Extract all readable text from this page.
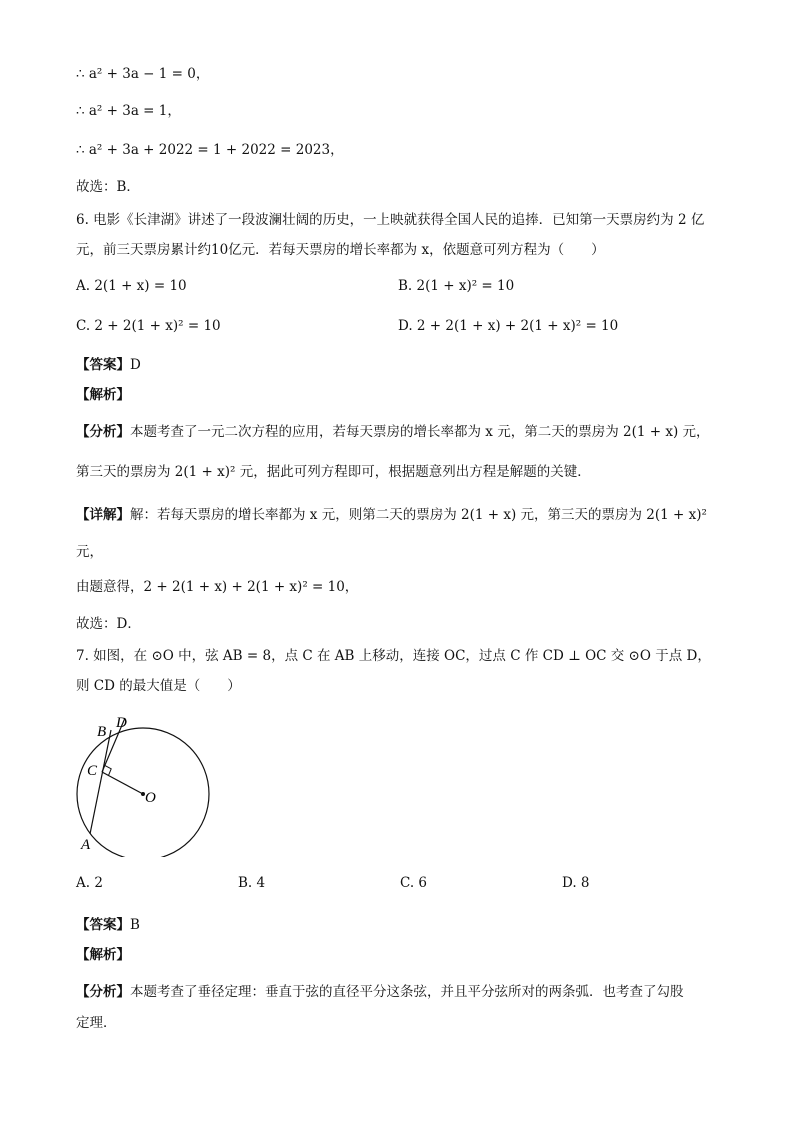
∴ a² + 3a − 1 = 0，
∴ a² + 3a = 1，
∴ a² + 3a + 2022 = 1 + 2022 = 2023，
故选：B．
6. 电影《长津湖》讲述了一段波澜壮阔的历史，一上映就获得全国人民的追捧．已知第一天票房约为 2 亿
元，前三天票房累计约10亿元．若每天票房的增长率都为 x，依题意可列方程为（　　）
A. 2(1 + x) = 10	B. 2(1 + x)² = 10
C. 2 + 2(1 + x)² = 10	D. 2 + 2(1 + x) + 2(1 + x)² = 10
【答案】D
【解析】
【分析】本题考查了一元二次方程的应用，若每天票房的增长率都为 x 元，第二天的票房为 2(1 + x) 元，
第三天的票房为 2(1 + x)² 元，据此可列方程即可，根据题意列出方程是解题的关键．
【详解】解：若每天票房的增长率都为 x 元，则第二天的票房为 2(1 + x) 元，第三天的票房为 2(1 + x)²
元，
由题意得，2 + 2(1 + x) + 2(1 + x)² = 10，
故选：D．
7. 如图，在 ⊙O 中，弦 AB = 8，点 C 在 AB 上移动，连接 OC，过点 C 作 CD ⊥ OC 交 ⊙O 于点 D，
则 CD 的最大值是（　　）
D
B
C
O
A
A. 2	B. 4	C. 6	D. 8
【答案】B
【解析】
【分析】本题考查了垂径定理：垂直于弦的直径平分这条弦，并且平分弦所对的两条弧．也考查了勾股
定理．
